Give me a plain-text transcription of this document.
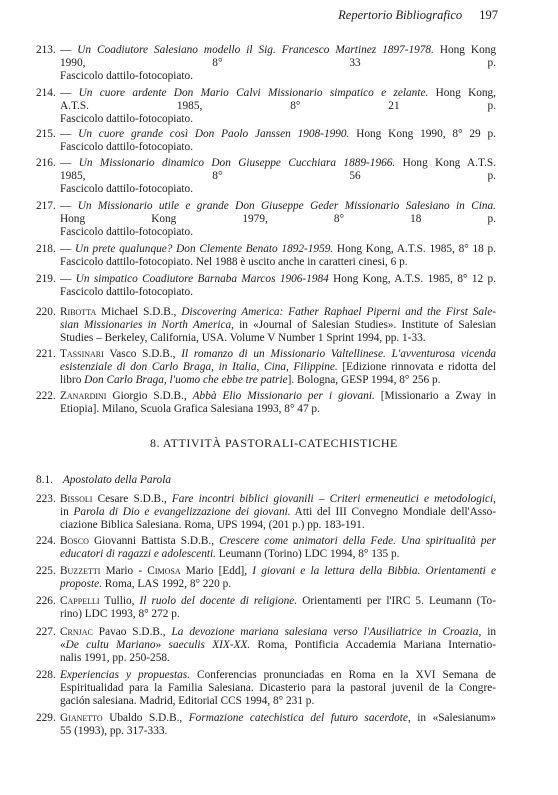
Repertorio Bibliografico 197
213. — Un Coadiutore Salesiano modello il Sig. Francesco Martinez 1897-1978. Hong Kong
1990, 8° 33 p.
Fascicolo dattilo-fotocopiato.
214. — Un cuore ardente Don Mario Calvi Missionario simpatico e zelante. Hong Kong,
A.T.S. 1985, 8° 21 p.
Fascicolo dattilo-fotocopiato.
215. — Un cuore grande così Don Paolo Janssen 1908-1990. Hong Kong 1990, 8° 29 p.
Fascicolo dattilo-fotocopiato.
216. — Un Missionario dinamico Don Giuseppe Cucchiara 1889-1966. Hong Kong A.T.S.
1985, 8° 56 p.
Fascicolo dattilo-fotocopiato.
217. — Un Missionario utile e grande Don Giuseppe Geder Missionario Salesiano in Cina.
Hong Kong 1979, 8° 18 p.
Fascicolo dattilo-fotocopiato.
218. — Un prete qualunque? Don Clemente Benato 1892-1959. Hong Kong, A.T.S. 1985, 8° 18 p.
Fascicolo dattilo-fotocopiato. Nel 1988 è uscito anche in caratteri cinesi, 6 p.
219. — Un simpatico Coadiutore Barnaba Marcos 1906-1984 Hong Kong, A.T.S. 1985, 8° 12 p.
Fascicolo dattilo-fotocopiato.
220. Ribotta Michael S.D.B., Discovering America: Father Raphael Piperni and the First Sale-
sian Missionaries in North America, in «Journal of Salesian Studies». Institute of Salesian
Studies – Berkeley, California, USA. Volume V Number 1 Sprint 1994, pp. 1-33.
221. Tassinari Vasco S.D.B., Il romanzo di un Missionario Valtellinese. L'avventurosa vicenda
esistenziale di don Carlo Braga, in Italia, Cina, Filippine. [Edizione rinnovata e ridotta del
libro Don Carlo Braga, l'uomo che ebbe tre patrie]. Bologna, GESP 1994, 8° 256 p.
222. Zanardini Giorgio S.D.B., Abbà Elio Missionario per i giovani. [Missionario a Zway in
Etiopia]. Milano, Scuola Grafica Salesiana 1993, 8° 47 p.
8. ATTIVITÀ PASTORALI-CATECHISTICHE
8.1. Apostolato della Parola
223. Bissoli Cesare S.D.B., Fare incontri biblici giovanili – Criteri ermeneutici e metodologici,
in Parola di Dio e evangelizzazione dei giovani. Atti del III Convegno Mondiale dell'Asso-
ciazione Biblica Salesiana. Roma, UPS 1994, (201 p.) pp. 183-191.
224. Bosco Giovanni Battista S.D.B., Crescere come animatori della Fede. Una spiritualità per
educatori di ragazzi e adolescenti. Leumann (Torino) LDC 1994, 8° 135 p.
225. Buzzetti Mario - Cimosa Mario [Edd], I giovani e la lettura della Bibbia. Orientamenti e
proposte. Roma, LAS 1992, 8° 220 p.
226. Cappelli Tullio, Il ruolo del docente di religione. Orientamenti per l'IRC 5. Leumann (To-
rino) LDC 1993, 8° 272 p.
227. Crnjac Pavao S.D.B., La devozione mariana salesiana verso l'Ausiliatrice in Croazia, in
«De cultu Mariano» saeculis XIX-XX. Roma, Pontificia Accademia Mariana Internatio-
nalis 1991, pp. 250-258.
228. Experiencias y propuestas. Conferencias pronunciadas en Roma en la XVI Semana de
Espiritualidad para la Familia Salesiana. Dicasterio para la pastoral juvenil de la Congre-
gación salesiana. Madrid, Editorial CCS 1994, 8° 231 p.
229. Gianetto Ubaldo S.D.B., Formazione catechistica del futuro sacerdote, in «Salesianum»
55 (1993), pp. 317-333.
